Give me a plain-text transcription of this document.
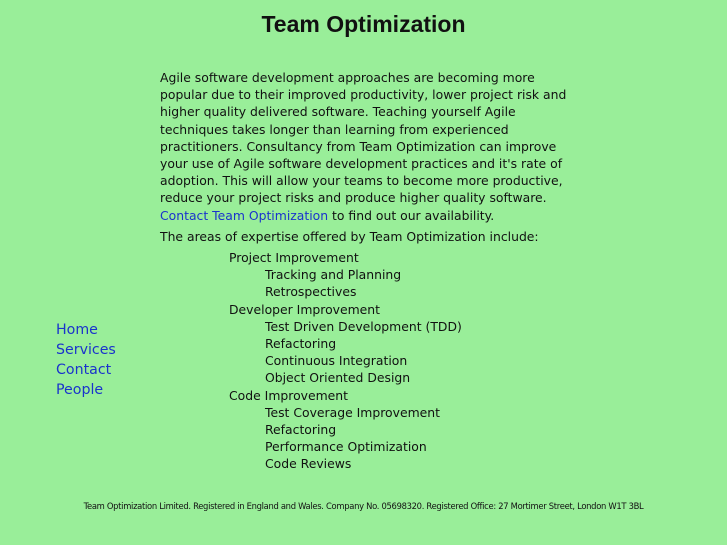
Team Optimization

Agile software development approaches are becoming more popular due to their improved productivity, lower project risk and higher quality delivered software. Teaching yourself Agile techniques takes longer than learning from experienced practitioners. Consultancy from Team Optimization can improve your use of Agile software development practices and it's rate of adoption. This will allow your teams to become more productive, reduce your project risks and produce higher quality software. Contact Team Optimization to find out our availability.

The areas of expertise offered by Team Optimization include:

Project Improvement
Tracking and Planning
Retrospectives
Developer Improvement
Test Driven Development (TDD)
Refactoring
Continuous Integration
Object Oriented Design
Code Improvement
Test Coverage Improvement
Refactoring
Performance Optimization
Code Reviews
Home
Services
Contact
People

Team Optimization Limited. Registered in England and Wales. Company No. 05698320. Registered Office: 27 Mortimer Street, London W1T 3BL
